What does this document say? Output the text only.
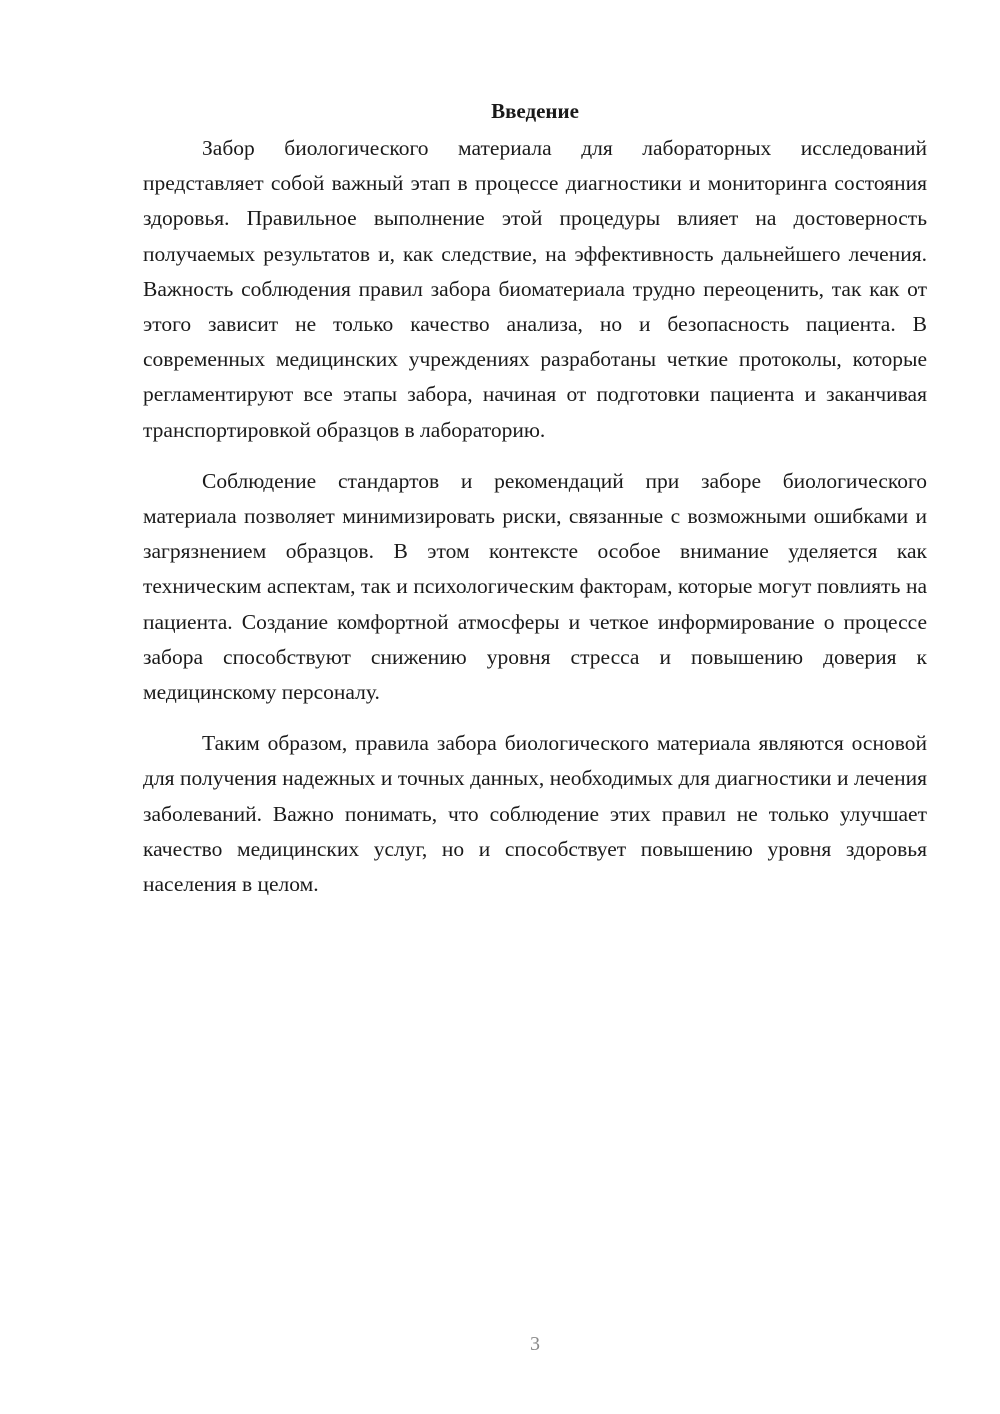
Введение

Забор биологического материала для лабораторных исследований представляет собой важный этап в процессе диагностики и мониторинга состояния здоровья. Правильное выполнение этой процедуры влияет на достоверность получаемых результатов и, как следствие, на эффективность дальнейшего лечения. Важность соблюдения правил забора биоматериала трудно переоценить, так как от этого зависит не только качество анализа, но и безопасность пациента. В современных медицинских учреждениях разработаны четкие протоколы, которые регламентируют все этапы забора, начиная от подготовки пациента и заканчивая транспортировкой образцов в лабораторию.

Соблюдение стандартов и рекомендаций при заборе биологического материала позволяет минимизировать риски, связанные с возможными ошибками и загрязнением образцов. В этом контексте особое внимание уделяется как техническим аспектам, так и психологическим факторам, которые могут повлиять на пациента. Создание комфортной атмосферы и четкое информирование о процессе забора способствуют снижению уровня стресса и повышению доверия к медицинскому персоналу.

Таким образом, правила забора биологического материала являются основой для получения надежных и точных данных, необходимых для диагностики и лечения заболеваний. Важно понимать, что соблюдение этих правил не только улучшает качество медицинских услуг, но и способствует повышению уровня здоровья населения в целом.

3
